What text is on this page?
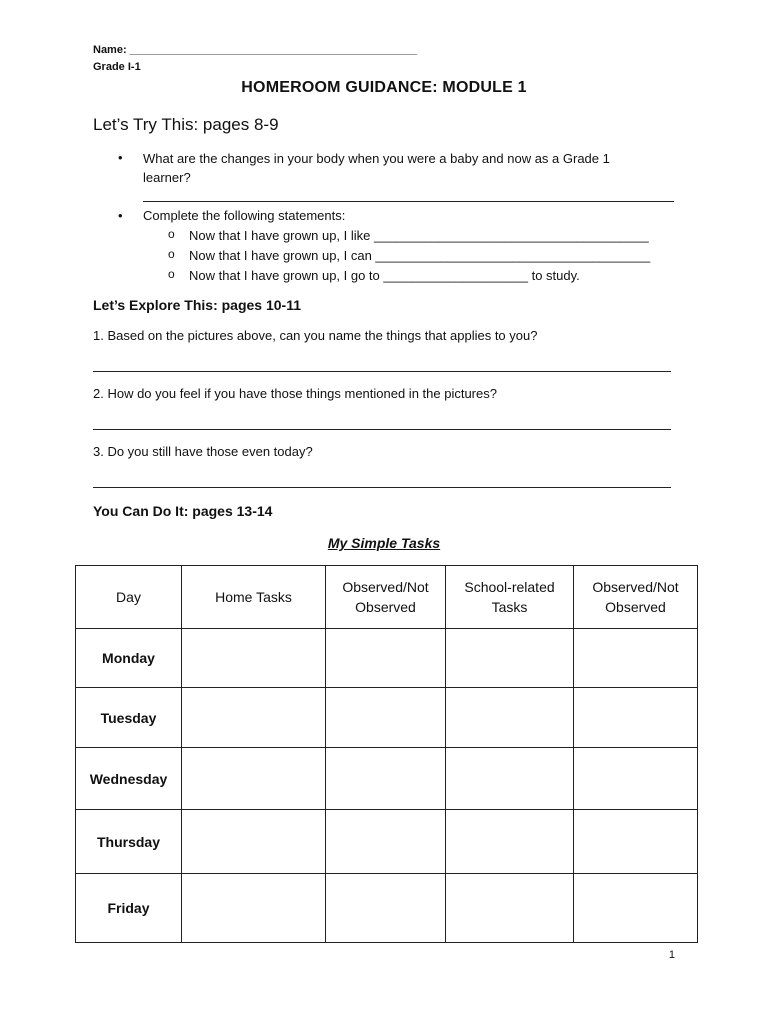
Name: _______________________________________________
Grade I-1
HOMEROOM GUIDANCE: MODULE 1
Let’s Try This: pages 8-9
• What are the changes in your body when you were a baby and now as a Grade 1
learner?
• Complete the following statements:
o Now that I have grown up, I like ______________________________________
o Now that I have grown up, I can ______________________________________
o Now that I have grown up, I go to ____________________ to study.
Let’s Explore This: pages 10-11
1. Based on the pictures above, can you name the things that applies to you?
2. How do you feel if you have those things mentioned in the pictures?
3. Do you still have those even today?
You Can Do It: pages 13-14
My Simple Tasks
Day	Home Tasks	Observed/Not Observed	School-related Tasks	Observed/Not Observed
Monday				
Tuesday				
Wednesday				
Thursday				
Friday				
1
